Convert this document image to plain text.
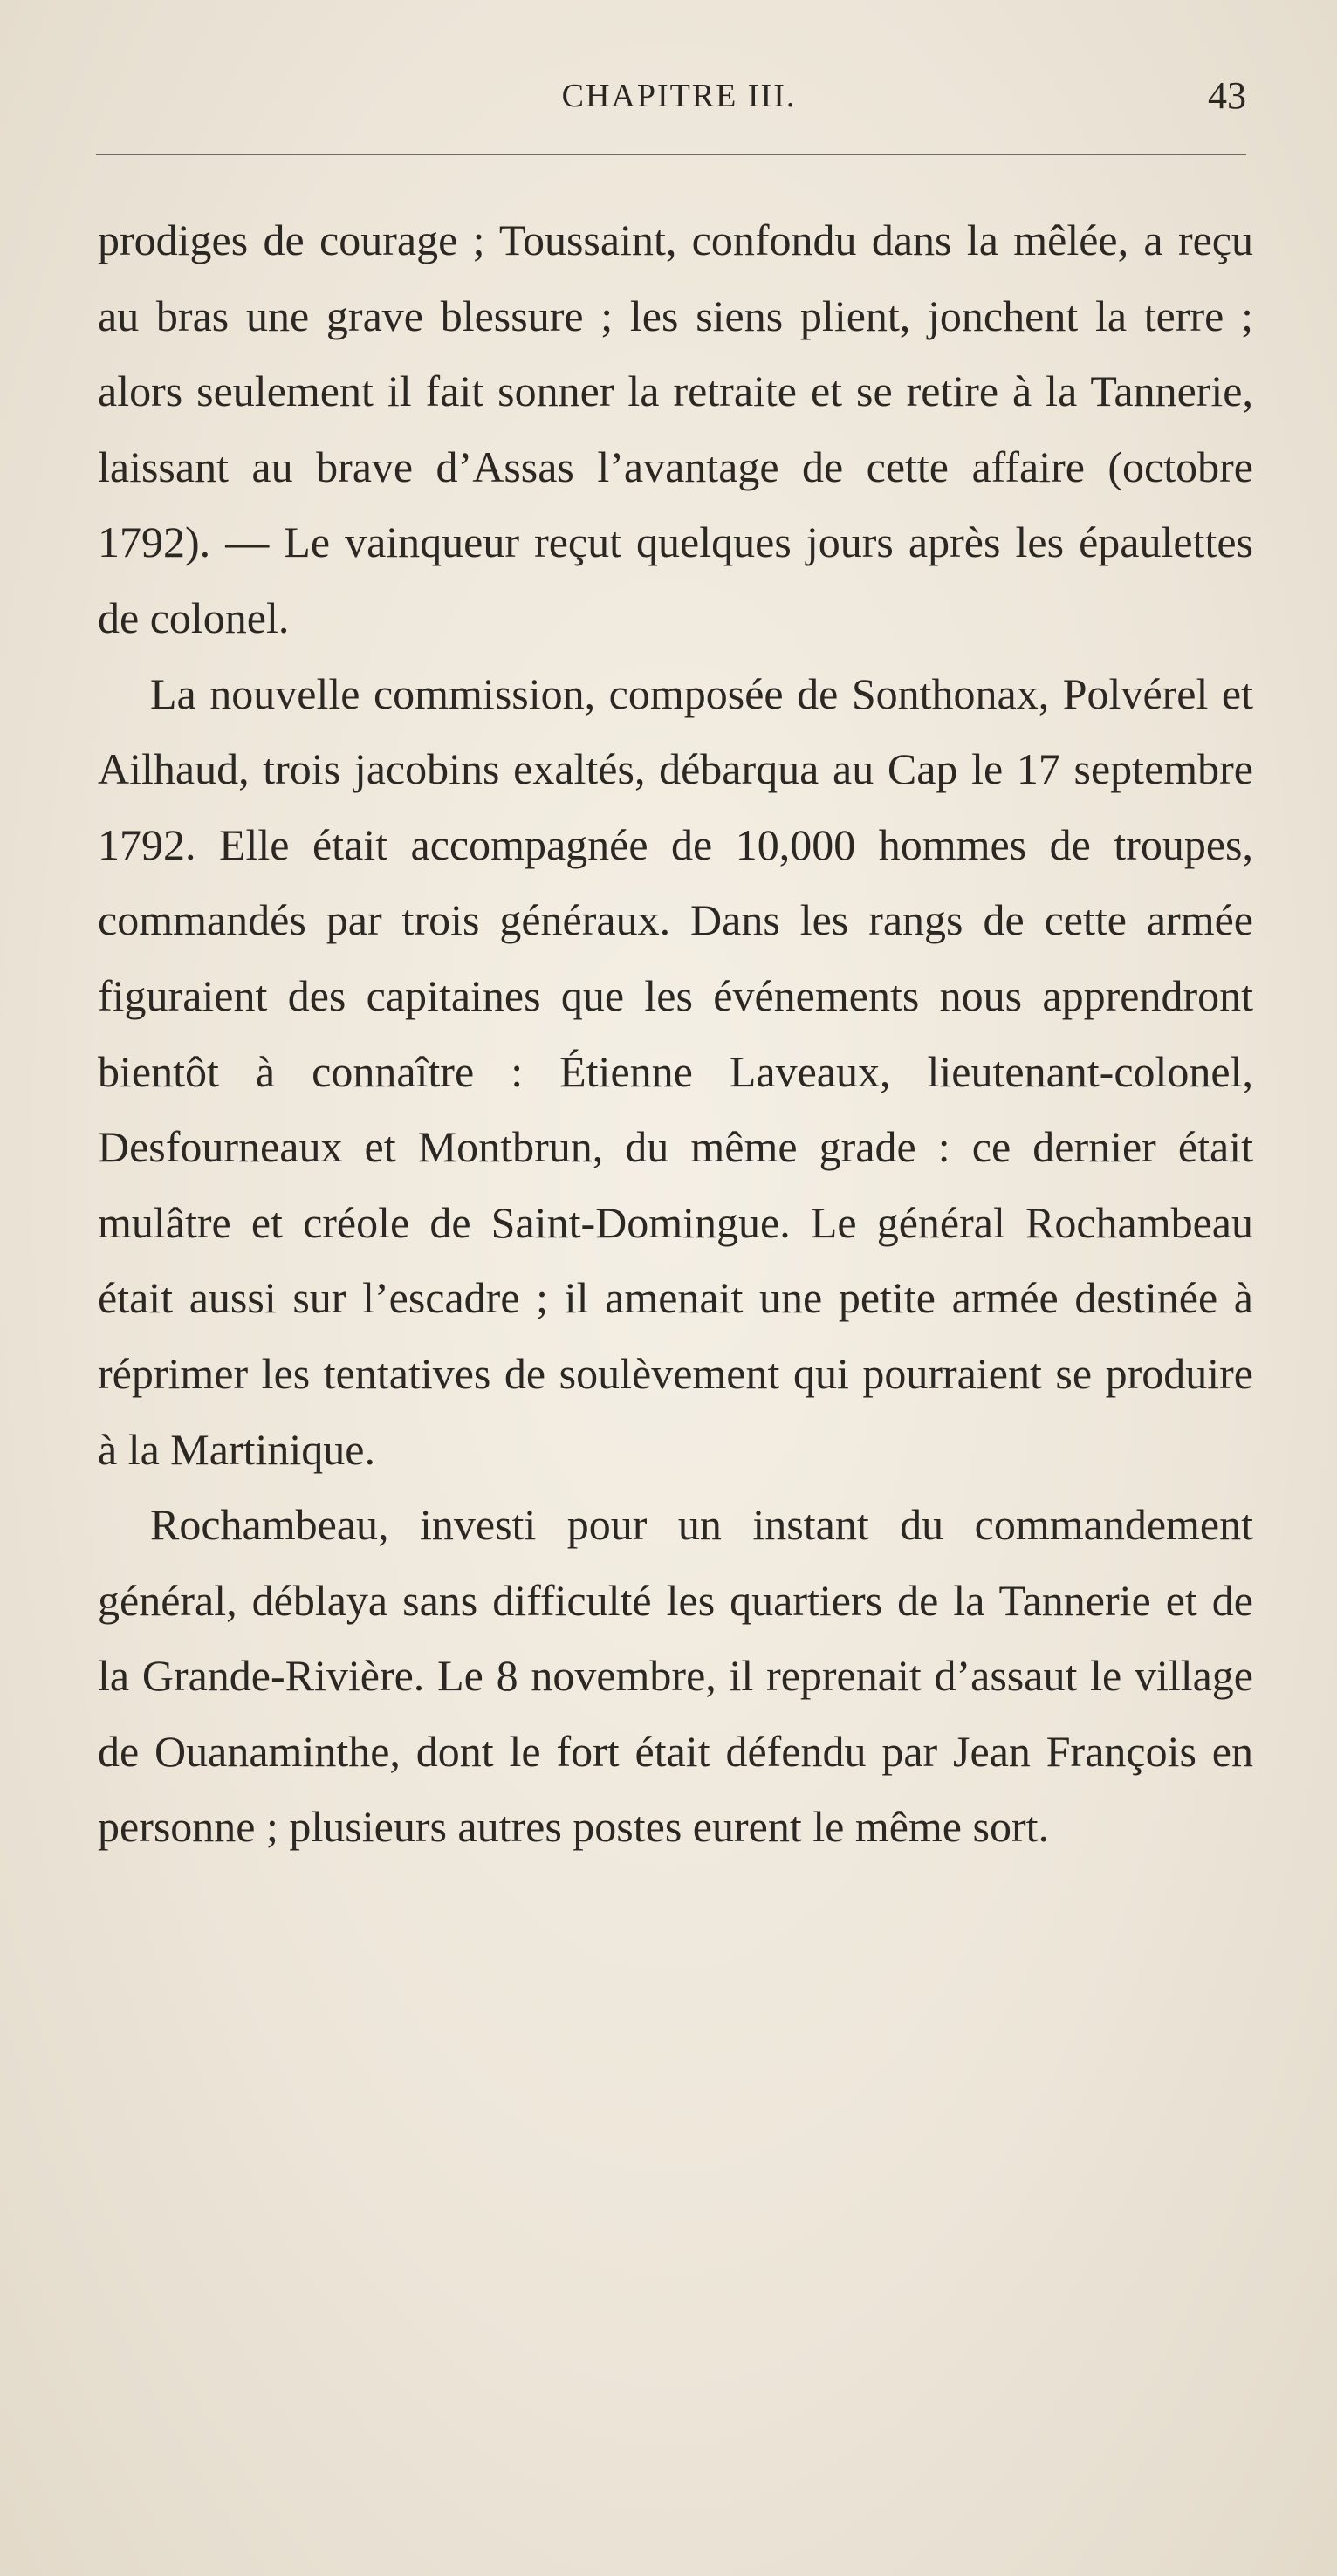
CHAPITRE III.	43

prodiges de courage ; Toussaint, confondu dans la mêlée, a reçu au bras une grave blessure ; les siens plient, jonchent la terre ; alors seulement il fait sonner la retraite et se retire à la Tannerie, laissant au brave d’Assas l’avantage de cette affaire (octobre 1792). — Le vainqueur reçut quelques jours après les épaulettes de colonel.

La nouvelle commission, composée de Sonthonax, Polvérel et Ailhaud, trois jacobins exaltés, débarqua au Cap le 17 septembre 1792. Elle était accompagnée de 10,000 hommes de troupes, commandés par trois généraux. Dans les rangs de cette armée figuraient des capitaines que les événements nous apprendront bientôt à connaître : Étienne Laveaux, lieutenant-colonel, Desfourneaux et Montbrun, du même grade : ce dernier était mulâtre et créole de Saint-Domingue. Le général Rochambeau était aussi sur l’escadre ; il amenait une petite armée destinée à réprimer les tentatives de soulèvement qui pourraient se produire à la Martinique.

Rochambeau, investi pour un instant du commandement général, déblaya sans difficulté les quartiers de la Tannerie et de la Grande-Rivière. Le 8 novembre, il reprenait d’assaut le village de Ouanaminthe, dont le fort était défendu par Jean François en personne ; plusieurs autres postes eurent le même sort.
